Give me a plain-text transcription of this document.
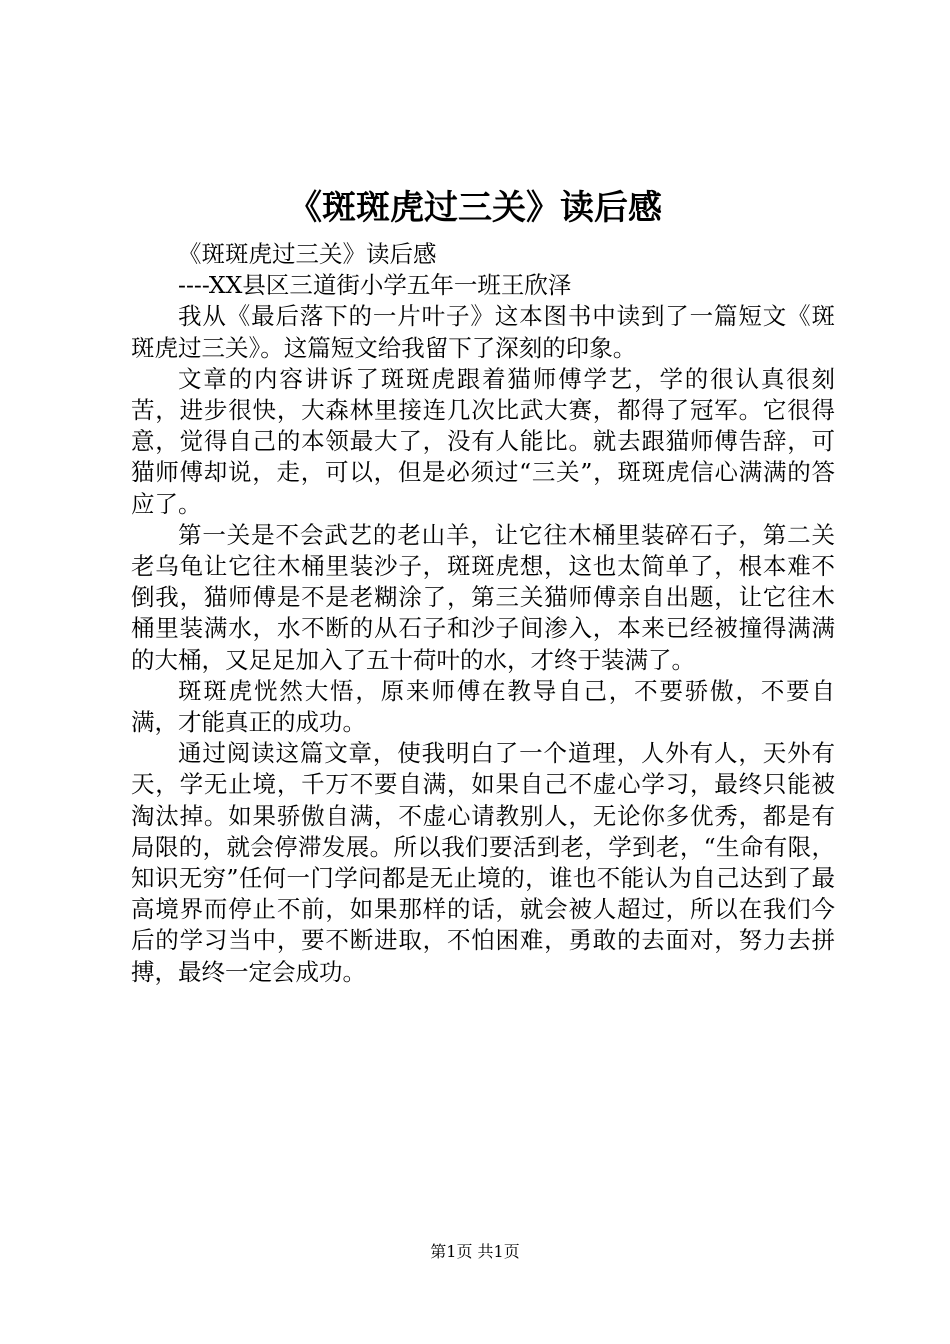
《斑斑虎过三关》读后感

《斑斑虎过三关》读后感

----XX县区三道街小学五年一班王欣泽

我从《最后落下的一片叶子》这本图书中读到了一篇短文《斑斑虎过三关》。这篇短文给我留下了深刻的印象。

文章的内容讲诉了斑斑虎跟着猫师傅学艺，学的很认真很刻苦，进步很快，大森林里接连几次比武大赛，都得了冠军。它很得意，觉得自己的本领最大了，没有人能比。就去跟猫师傅告辞，可猫师傅却说，走，可以，但是必须过“三关”，斑斑虎信心满满的答应了。

第一关是不会武艺的老山羊，让它往木桶里装碎石子，第二关老乌龟让它往木桶里装沙子，斑斑虎想，这也太简单了，根本难不倒我，猫师傅是不是老糊涂了，第三关猫师傅亲自出题，让它往木桶里装满水，水不断的从石子和沙子间渗入，本来已经被撞得满满的大桶，又足足加入了五十荷叶的水，才终于装满了。

斑斑虎恍然大悟，原来师傅在教导自己，不要骄傲，不要自满，才能真正的成功。

通过阅读这篇文章，使我明白了一个道理，人外有人，天外有天，学无止境，千万不要自满，如果自己不虚心学习，最终只能被淘汰掉。如果骄傲自满，不虚心请教别人，无论你多优秀，都是有局限的，就会停滞发展。所以我们要活到老，学到老，“生命有限，知识无穷”任何一门学问都是无止境的，谁也不能认为自己达到了最高境界而停止不前，如果那样的话，就会被人超过，所以在我们今后的学习当中，要不断进取，不怕困难，勇敢的去面对，努力去拼搏，最终一定会成功。

第1页 共1页
